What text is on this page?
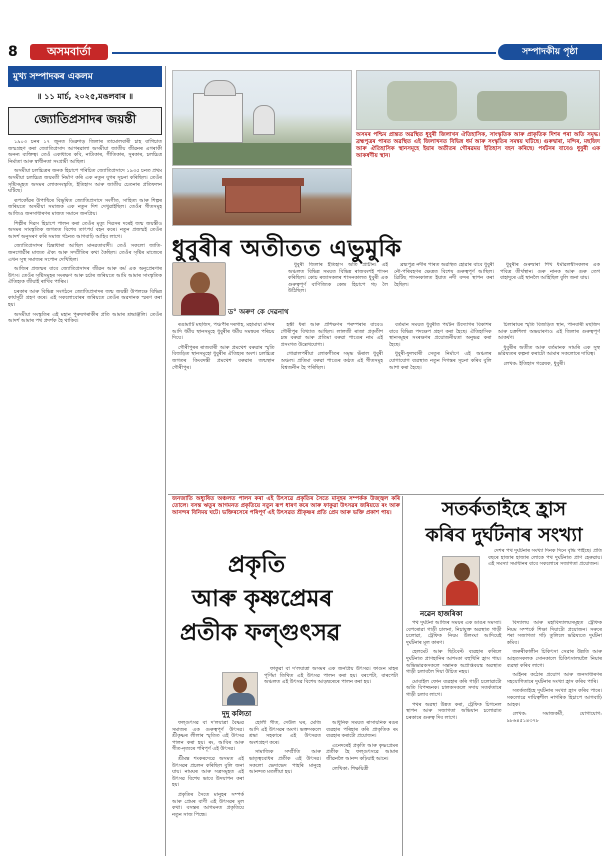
8	অসমবার্তা	সম্পাদকীয় পৃষ্ঠা
মুখ্য সম্পাদকৰ একলম
॥ ১১ মার্চ, ২০২৫,মঙলবাৰ ॥
জ্যোতিপ্ৰসাদৰ জয়ন্তী

১৯০৩ চনৰ ১৭ জুনত ডিব্ৰুগড় জিলাৰ তামোলবাৰী চাহ বাগিচাত জন্মগ্ৰহণ কৰা জ্যোতিপ্ৰসাদ আগৰৱালা অসমীয়া জাতীয় জীৱনৰ এগৰাকী অনন্য ব্যক্তিত্ব। তেওঁ একাধাৰে কবি, নাট্যকাৰ, গীতিকাৰ, সুৰকাৰ, চলচ্চিত্ৰ নিৰ্মাতা আৰু স্বাধীনতা সংগ্ৰামী আছিল।

অসমীয়া চলচ্চিত্ৰৰ জনক হিচাপে পৰিচিত জ্যোতিপ্ৰসাদে ১৯৩৫ চনত প্ৰথম অসমীয়া চলচ্চিত্ৰ জয়মতী নিৰ্মাণ কৰি এক নতুন যুগৰ সূচনা কৰিছিল। তেওঁৰ সৃষ্টিসমূহত অসমৰ লোকসংস্কৃতি, ইতিহাস আৰু জাতীয় চেতনাৰ প্ৰতিফলন ঘটিছে।

ৰূপকোঁৱৰ উপাধিৰে বিভূষিত জ্যোতিপ্ৰসাদে সংগীত, সাহিত্য আৰু শিল্পৰ জৰিয়তে অসমীয়া সমাজক এক নতুন দিশ দেখুৱাইছিল। তেওঁৰ গীতসমূহ আজিও জনসাধাৰণৰ মাজত সমানে জনপ্ৰিয়।

শিল্পীৰ দিৱস হিচাপে পালন কৰা তেওঁৰ মৃত্যু দিৱসৰ দৰেই জন্ম জয়ন্তীও অসমৰ সাংস্কৃতিক জগতত বিশেষ তাৎপৰ্য বহন কৰে। নতুন প্ৰজন্মই তেওঁৰ আদৰ্শ অনুসৰণ কৰি সমাজ গঠনত আগবাঢ়ি আহিব লাগে।

জ্যোতিপ্ৰসাদৰ চিন্তাধাৰা আছিল মানৱতাবাদী। তেওঁ সকলো জাতি-জনগোষ্ঠীৰ মাজত ঐক্য আৰু সম্প্ৰীতিৰ কথা কৈছিল। তেওঁৰ সৃষ্টিৰ মাজেৰে এখন সুস্থ সমাজৰ সপোন দেখিছিল।

আজিৰ প্ৰজন্মৰ বাবে জ্যোতিপ্ৰসাদৰ জীৱন আৰু কৰ্ম এক অনুপ্ৰেৰণাৰ উৎস। তেওঁৰ সৃষ্টিসমূহৰ সংৰক্ষণ আৰু চৰ্চাৰ জৰিয়তে আমি আমাৰ সাংস্কৃতিক ঐতিহ্যক জীয়াই ৰাখিব পাৰিম।

চৰকাৰ আৰু বিভিন্ন সংগঠনে জ্যোতিপ্ৰসাদৰ জন্ম জয়ন্তী উপলক্ষে বিভিন্ন কাৰ্যসূচী গ্ৰহণ কৰে। এই সকলোবোৰৰ জৰিয়তে তেওঁৰ অৱদানক স্মৰণ কৰা হয়।

অসমীয়া সংস্কৃতিৰ এই মহান পুৰুষগৰাকীৰ প্ৰতি আমাৰ শ্ৰদ্ধাঞ্জলি। তেওঁৰ আদৰ্শ আমাৰ পথ প্ৰদৰ্শক হৈ থাকিব।

অসমৰ পশ্চিম প্ৰান্তত অৱস্থিত ধুবুৰী জিলাখন ঐতিহাসিক, সাংস্কৃতিক আৰু প্ৰাকৃতিক দিশৰ পৰা অতি সমৃদ্ধ। ব্ৰহ্মপুত্ৰৰ পাৰত অৱস্থিত এই জিলাখনত বিভিন্ন ধৰ্ম আৰু সংস্কৃতিৰ সমন্বয় ঘটিছে। গুৰুদ্বাৰা, মন্দিৰ, মছজিদ আৰু ঐতিহাসিক স্থানসমূহে ইয়াৰ অতীতৰ গৌৰৱময় ইতিহাস বহন কৰিছে। পৰ্যটনৰ বাবেও ধুবুৰী এক আকৰ্ষণীয় স্থান।
ধুবুৰীৰ অতীতত এভুমুকি
ড° অৰুণ কে দেৱনাথ

ধুবুৰী জিলাৰ ইতিহাস অতি প্ৰাচীন। এই অঞ্চলত বিভিন্ন সময়ত বিভিন্ন ৰাজবংশই শাসন কৰিছিল। কোচ ৰজাসকলৰ শাসনকালত ধুবুৰী এক গুৰুত্বপূৰ্ণ বাণিজ্যিক কেন্দ্ৰ হিচাপে গঢ় লৈ উঠিছিল।

ব্ৰহ্মপুত্ৰ নদীৰ পাৰত অৱস্থিত হোৱাৰ বাবে ধুবুৰী নৌ-পৰিবহণৰ ক্ষেত্ৰত বিশেষ গুৰুত্বপূৰ্ণ আছিল। ব্ৰিটিছ শাসনকালত ইয়াত নদী বন্দৰ স্থাপন কৰা হৈছিল।

ধুবুৰীৰ গুৰুদ্বাৰা শিখ ধৰ্মাৱলম্বীসকলৰ এক পবিত্ৰ তীৰ্থস্থান। গুৰু নানক আৰু গুৰু তেগ বাহাদুৰে এই স্থানলৈ আহিছিল বুলি জনা যায়।

ৰঙামাটি মছজিদ, পঞ্চপীৰ দৰগাহ, মহামায়া মন্দিৰ আদি ধৰ্মীয় স্থানসমূহে ধুবুৰীৰ ধৰ্মীয় সমন্বয়ৰ পৰিচয় দিয়ে।

গৌৰীপুৰৰ ৰাজবাৰী আৰু প্ৰমথেশ বৰুৱাৰ স্মৃতি বিজড়িত স্থানসমূহো ধুবুৰীৰ ঐতিহ্যৰ অংশ। চলচ্চিত্ৰ জগতৰ কিংবদন্তী প্ৰমথেশ বৰুৱাৰ জন্মস্থান গৌৰীপুৰ।

হস্তী ধৰা আৰু প্ৰশিক্ষণৰ পৰম্পৰাৰ বাবেও গৌৰীপুৰ বিখ্যাত আছিল। লালজী ৰাজা প্ৰকৃতীশ চন্দ্ৰ বৰুৱা আৰু প্ৰতিমা বৰুৱা পাণ্ডেৰ নাম এই প্ৰসংগত উল্লেখযোগ্য।

গোৱালপৰীয়া লোকগীতৰ সমৃদ্ধ ভঁৰাল ধুবুৰী অঞ্চল। প্ৰতিমা বৰুৱা পাণ্ডেৰ কণ্ঠত এই গীতসমূহ বিশ্বজনীন হৈ পৰিছিল।

বৰ্তমান সময়ত ধুবুৰীত পৰ্যটন উদ্যোগৰ বিকাশৰ বাবে বিভিন্ন পদক্ষেপ গ্ৰহণ কৰা হৈছে। ঐতিহাসিক স্থানসমূহৰ সংৰক্ষণৰ প্ৰয়োজনীয়তা অনুভৱ কৰা হৈছে।

ধুবুৰী-ফুলবাৰী সেতুৰ নিৰ্মাণে এই অঞ্চলৰ যোগাযোগ ব্যৱস্থাত নতুন দিগন্তৰ সূচনা কৰিব বুলি আশা কৰা হৈছে।

চিলাৰায়ৰ স্মৃতি বিজড়িত স্থান, পানবাৰী মছজিদ আৰু চক্ৰশিলা অভয়াৰণ্যও এই জিলাৰ গুৰুত্বপূৰ্ণ আকৰ্ষণ।

ধুবুৰীৰ অতীত আৰু বৰ্তমানক সামৰি এক সুস্থ ভৱিষ্যতৰ কল্পনা কৰাটো আমাৰ সকলোৰে দায়িত্ব।

লেখক: ইতিহাস গৱেষক, ধুবুৰী।

জনজাতি অধ্যুষিত অঞ্চলত পালন কৰা এই উৎসৱে প্ৰকৃতিৰ সৈতে মানুহৰ সম্পৰ্কক উজ্জ্বল কৰি তোলে। বসন্ত ঋতুৰ আগমনত প্ৰকৃতিয়ে নতুন ৰূপ ধাৰণ কৰে আৰু ফাকুৱা উৎসৱৰ জৰিয়তে ৰং আৰু আনন্দৰ বিনিময় ঘটে। ভক্তিৰসেৰে পৰিপূৰ্ণ এই উৎসৱত শ্ৰীকৃষ্ণৰ প্ৰতি প্ৰেম আৰু ভক্তি প্ৰকাশ পায়।
প্ৰকৃতি
আৰু কৃষ্ণপ্ৰেমৰ
প্ৰতীক ফল্গুৎসৱ
দুদু কলিতা

ফাকুৱা বা দ'লযাত্ৰা অসমৰ এক জনপ্ৰিয় উৎসৱ। ফাগুন মাহৰ পূৰ্ণিমা তিথিত এই উৎসৱ পালন কৰা হয়। বৰপেটা, বাৰপেটা অঞ্চলত এই উৎসৱ বিশেষ আড়ম্বৰেৰে পালন কৰা হয়।

ফল্গুৎসৱ বা দ'লযাত্ৰা বৈষ্ণৱ সমাজৰ এক গুৰুত্বপূৰ্ণ উৎসৱ। শ্ৰীকৃষ্ণৰ লীলাৰ স্মৃতিত এই উৎসৱ পালন কৰা হয়। ৰং, আবিৰ আৰু গীত-নৃত্যৰে পৰিপূৰ্ণ এই উৎসৱ।

শ্ৰীমন্ত শংকৰদেৱে অসমত এই উৎসৱৰ প্ৰচলন কৰিছিল বুলি জনা যায়। নামঘৰ আৰু সত্ৰসমূহত এই উৎসৱ বিশেষ ভাবে উদযাপন কৰা হয়।

প্ৰকৃতিৰ সৈতে মানুহৰ সম্পৰ্ক আৰু প্ৰেমৰ বাণী এই উৎসৱৰ মূল কথা। বসন্তৰ আগমনত প্ৰকৃতিয়ে নতুন সাজ পিন্ধে।

হোলী গীত, দেউল ঘৰ, মেজি আদি এই উৎসৱৰ অংগ। ভক্তসকলে শ্ৰদ্ধা সহকাৰে এই উৎসৱত অংশগ্ৰহণ কৰে।

সামাজিক সম্প্ৰীতি আৰু ভাতৃত্ববোধৰ প্ৰতীক এই উৎসৱ। সকলো ভেদাভেদ পাহৰি মানুহে আনন্দত মতলীয়া হয়।

আধুনিক সময়ত ৰাসায়নিক ৰঙৰ ব্যৱহাৰ পৰিহাৰ কৰি প্ৰাকৃতিক ৰং ব্যৱহাৰ কৰাটো প্ৰয়োজন।

এনেদৰেই প্ৰকৃতি আৰু কৃষ্ণপ্ৰেমৰ প্ৰতীক হৈ ফল্গুৎসৱে আমাৰ জীৱনলৈ আনন্দ কঢ়িয়াই আনে।

লেখিকা: শিক্ষয়িত্ৰী

সতৰ্কতাইহে হ্ৰাস
কৰিব দুৰ্ঘটনাৰ সংখ্যা
নৱেন হাজৰিকা

দেশৰ পথ দুৰ্ঘটনাৰ সংখ্যা দিনক দিনে বৃদ্ধি পাইছে। প্ৰতি বছৰে হাজাৰ হাজাৰ লোকে পথ দুৰ্ঘটনাত প্ৰাণ হেৰুৱায়। এই সমস্যা সমাধানৰ বাবে সকলোৰে সজাগতা প্ৰয়োজন।

পথ দুৰ্ঘটনা আজিৰ সময়ৰ এক ডাঙৰ সমস্যা। বেপৰোৱা গাড়ী চালনা, নিচাযুক্ত অৱস্থাত গাড়ী চলোৱা, ট্ৰেফিক নিয়ম উলংঘা আদিয়েই দুৰ্ঘটনাৰ মূল কাৰণ।

হেলমেট আৰু ছিটবেল্ট ব্যৱহাৰ কৰিলে দুৰ্ঘটনাত প্ৰাণহানিৰ আশংকা বহুখিনি হ্ৰাস পায়। অভিভাৱকসকলে সন্তানক অপ্ৰাপ্তবয়স্ক অৱস্থাত গাড়ী চলাবলৈ দিয়া উচিত নহয়।

মোবাইল ফোন ব্যৱহাৰ কৰি গাড়ী চলোৱাটো অতি বিপজ্জনক। চালকসকলে সদায় সতৰ্কতাৰে গাড়ী চলাব লাগে।

পথৰ অৱস্থা উন্নত কৰা, ট্ৰেফিক চিগনেল স্থাপন আৰু সজাগতা অভিযান চলোৱাত চৰকাৰে গুৰুত্ব দিব লাগে।

বিদ্যালয় আৰু মহাবিদ্যালয়সমূহত ট্ৰেফিক নিয়ম সম্পৰ্কে শিক্ষা দিয়াটো প্ৰয়োজন। সৰুৰে পৰা সজাগতা গঢ়ি তুলিলে ভৱিষ্যতে দুৰ্ঘটনা কমিব।

জৰুৰীকালীন চিকিৎসা সেৱাৰ উন্নতি আৰু আহতসকলক সোনকালে চিকিৎসালয়লৈ নিয়াৰ ব্যৱস্থা কৰিব লাগে।

আইনৰ কঠোৰ প্ৰয়োগ আৰু জনসাধাৰণৰ সহযোগিতাৰে দুৰ্ঘটনাৰ সংখ্যা হ্ৰাস কৰিব পাৰি।

সতৰ্কতাইহে দুৰ্ঘটনাৰ সংখ্যা হ্ৰাস কৰিব পাৰে। সকলোৱে দায়িত্বশীল নাগৰিক হিচাপে আগবাঢ়ি আহক।

লেখক: সমাজকৰ্মী, যোগাযোগ: ৯৮৬৪৫১৪৩৭৮
